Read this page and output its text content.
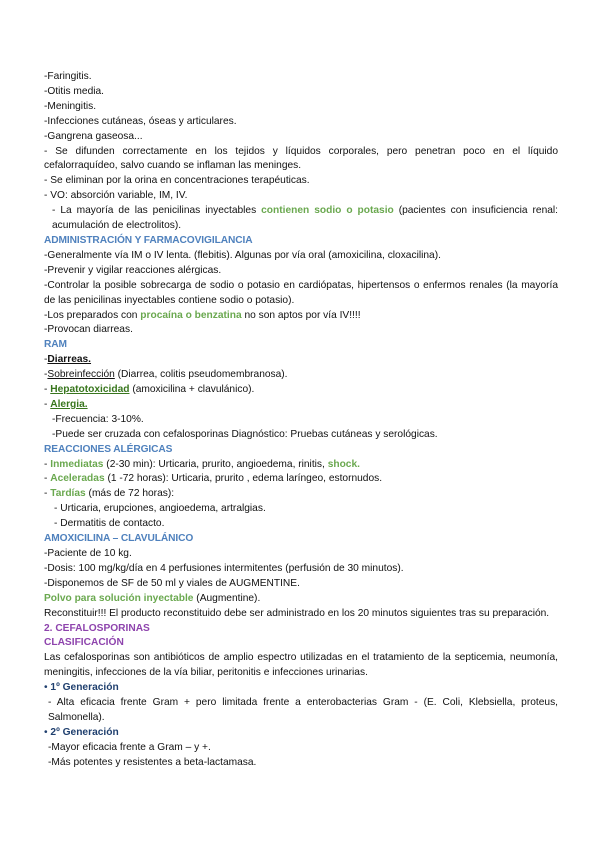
-Faringitis.
-Otitis media.
-Meningitis.
-Infecciones cutáneas, óseas y articulares.
-Gangrena gaseosa...
- Se difunden correctamente en los tejidos y líquidos corporales, pero penetran poco en el líquido cefalorraquídeo, salvo cuando se inflaman las meninges.
- Se eliminan por la orina en concentraciones terapéuticas.
- VO: absorción variable, IM, IV.
- La mayoría de las penicilinas inyectables contienen sodio o potasio (pacientes con insuficiencia renal: acumulación de electrolitos).
ADMINISTRACIÓN Y FARMACOVIGILANCIA
-Generalmente vía IM o IV lenta. (flebitis). Algunas por vía oral (amoxicilina, cloxacilina).
-Prevenir y vigilar reacciones alérgicas.
-Controlar la posible sobrecarga de sodio o potasio en cardiópatas, hipertensos o enfermos renales (la mayoría de las penicilinas inyectables contiene sodio o potasio).
-Los preparados con procaína o benzatina no son aptos por vía IV!!!!
-Provocan diarreas.
RAM
-Diarreas.
-Sobreinfección (Diarrea, colitis pseudomembranosa).
- Hepatotoxicidad (amoxicilina + clavulánico).
- Alergia.
-Frecuencia: 3-10%.
-Puede ser cruzada con cefalosporinas Diagnóstico: Pruebas cutáneas y serológicas.
REACCIONES ALÉRGICAS
- Inmediatas (2-30 min): Urticaria, prurito, angioedema, rinitis, shock.
- Aceleradas (1 -72 horas): Urticaria, prurito , edema laríngeo, estornudos.
- Tardías (más de 72 horas):
- Urticaria, erupciones, angioedema, artralgias.
- Dermatitis de contacto.
AMOXICILINA – CLAVULÁNICO
-Paciente de 10 kg.
-Dosis: 100 mg/kg/día en 4 perfusiones intermitentes (perfusión de 30 minutos).
-Disponemos de SF de 50 ml y viales de AUGMENTINE.
Polvo para solución inyectable (Augmentine).
Reconstituir!!! El producto reconstituido debe ser administrado en los 20 minutos siguientes tras su preparación.
2. CEFALOSPORINAS
CLASIFICACIÓN
Las cefalosporinas son antibióticos de amplio espectro utilizadas en el tratamiento de la septicemia, neumonía, meningitis, infecciones de la vía biliar, peritonitis e infecciones urinarias.
• 1º Generación
- Alta eficacia frente Gram + pero limitada frente a enterobacterias Gram - (E. Coli, Klebsiella, proteus, Salmonella).
• 2º Generación
-Mayor eficacia frente a Gram – y +.
-Más potentes y resistentes a beta-lactamasa.
